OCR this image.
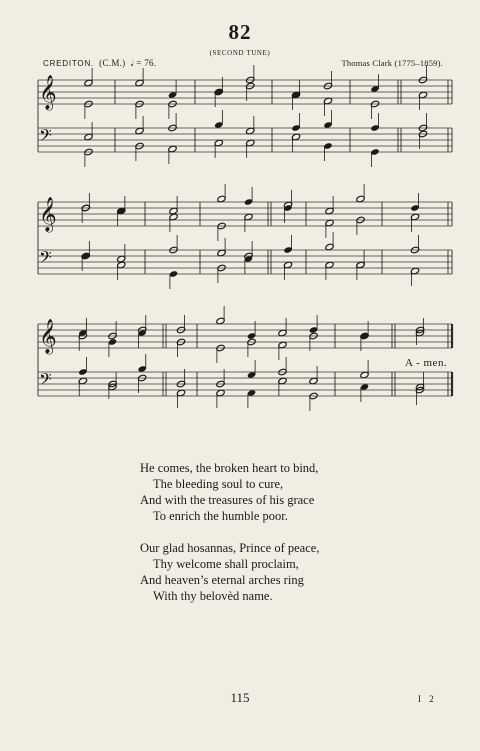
82
(SECOND TUNE)
CREDITON. (C.M.) 𝅗𝅥 = 76.	Thomas Clark (1775–1859).
𝄞
𝄢
𝄞
𝄢
𝄞
𝄢
A - men.
He comes, the broken heart to bind,
The bleeding soul to cure,
And with the treasures of his grace
To enrich the humble poor.
Our glad hosannas, Prince of peace,
Thy welcome shall proclaim,
And heaven’s eternal arches ring
With thy belovèd name.
115	I 2
